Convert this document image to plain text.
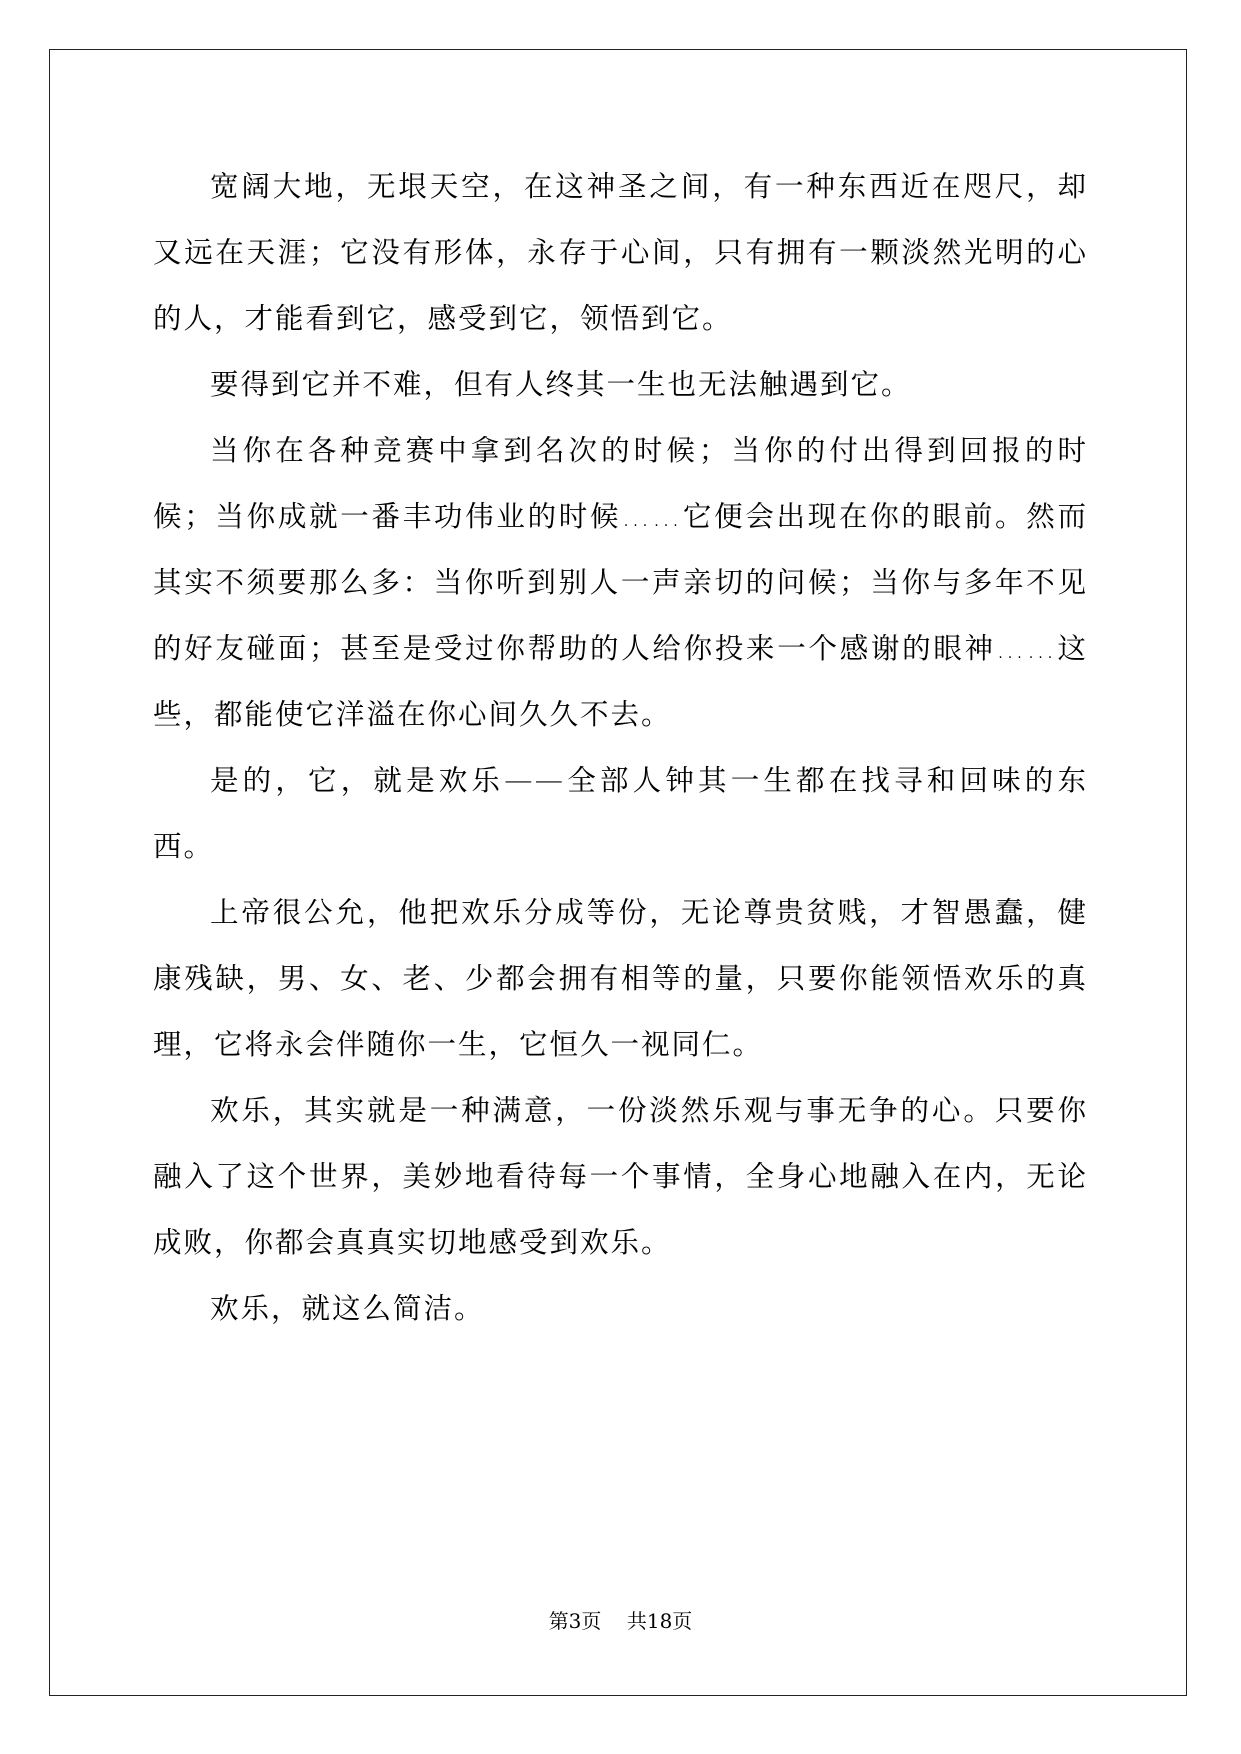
宽阔大地，无垠天空，在这神圣之间，有一种东西近在咫尺，却又远在天涯；它没有形体，永存于心间，只有拥有一颗淡然光明的心的人，才能看到它，感受到它，领悟到它。

要得到它并不难，但有人终其一生也无法触遇到它。

当你在各种竞赛中拿到名次的时候；当你的付出得到回报的时候；当你成就一番丰功伟业的时候……它便会出现在你的眼前。然而其实不须要那么多：当你听到别人一声亲切的问候；当你与多年不见的好友碰面；甚至是受过你帮助的人给你投来一个感谢的眼神……这些，都能使它洋溢在你心间久久不去。

是的，它，就是欢乐——全部人钟其一生都在找寻和回味的东西。

上帝很公允，他把欢乐分成等份，无论尊贵贫贱，才智愚蠢，健康残缺，男、女、老、少都会拥有相等的量，只要你能领悟欢乐的真理，它将永会伴随你一生，它恒久一视同仁。

欢乐，其实就是一种满意，一份淡然乐观与事无争的心。只要你融入了这个世界，美妙地看待每一个事情，全身心地融入在内，无论成败，你都会真真实切地感受到欢乐。

欢乐，就这么简洁。

第3页 共18页
